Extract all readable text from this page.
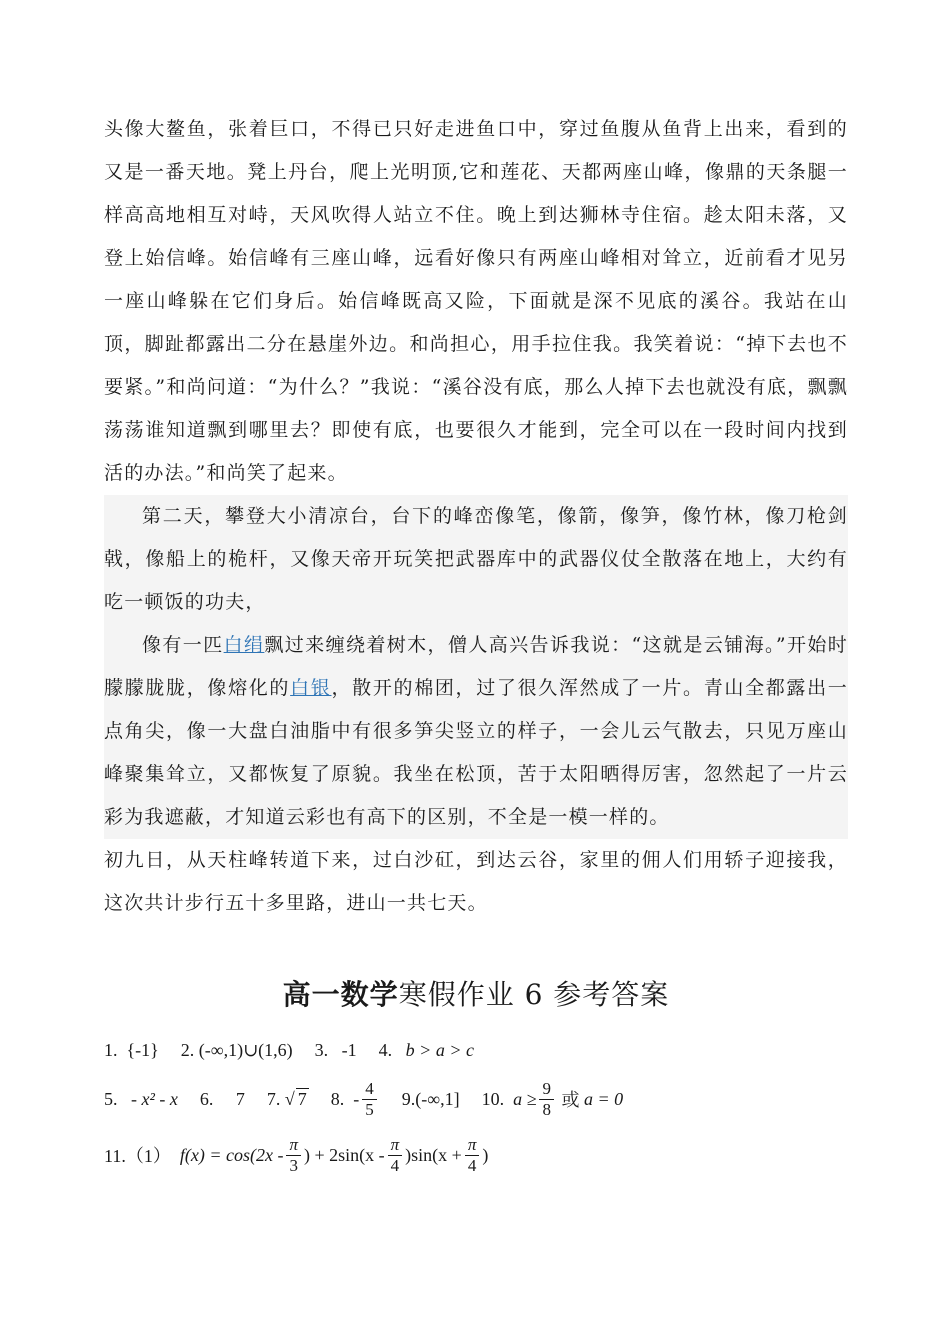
头像大鳌鱼，张着巨口，不得已只好走进鱼口中，穿过鱼腹从鱼背上出来，看到的又是一番天地。凳上丹台，爬上光明顶,它和莲花、天都两座山峰，像鼎的天条腿一样高高地相互对峙，天风吹得人站立不住。晚上到达狮林寺住宿。趁太阳未落，又登上始信峰。始信峰有三座山峰，远看好像只有两座山峰相对耸立，近前看才见另一座山峰躲在它们身后。始信峰既高又险，下面就是深不见底的溪谷。我站在山顶，脚趾都露出二分在悬崖外边。和尚担心，用手拉住我。我笑着说：“掉下去也不要紧。”和尚问道：“为什么？”我说：“溪谷没有底，那么人掉下去也就没有底，飘飘荡荡谁知道飘到哪里去？即使有底，也要很久才能到，完全可以在一段时间内找到活的办法。”和尚笑了起来。

第二天，攀登大小清凉台，台下的峰峦像笔，像箭，像笋，像竹林，像刀枪剑戟，像船上的桅杆，又像天帝开玩笑把武器库中的武器仪仗全散落在地上，大约有吃一顿饭的功夫，

像有一匹白绢飘过来缠绕着树木，僧人高兴告诉我说：“这就是云铺海。”开始时朦朦胧胧，像熔化的白银，散开的棉团，过了很久浑然成了一片。青山全都露出一点角尖，像一大盘白油脂中有很多笋尖竖立的样子，一会儿云气散去，只见万座山峰聚集耸立，又都恢复了原貌。我坐在松顶，苦于太阳晒得厉害，忽然起了一片云彩为我遮蔽，才知道云彩也有高下的区别，不全是一模一样的。

初九日，从天柱峰转道下来，过白沙矼，到达云谷，家里的佣人们用轿子迎接我，这次共计步行五十多里路，进山一共七天。

高一数学寒假作业 6 参考答案
1.
{-1} 2.
(-∞,1)∪(1,6) 3.
-1 4.
b > a > c
5.
- x² - x 6.
7 7. √ 7 8. - $\frac{4}{5} 9$. (-∞,1] 10.
$a \ge \frac{9}{8}$
或
a = 0
11.（1）
$f(x) = \cos(2x - \frac{\pi}{3}$ ) + $2\sin(x - \frac{\pi}{4} )\sin(x + \frac{\pi}{4}$ )
